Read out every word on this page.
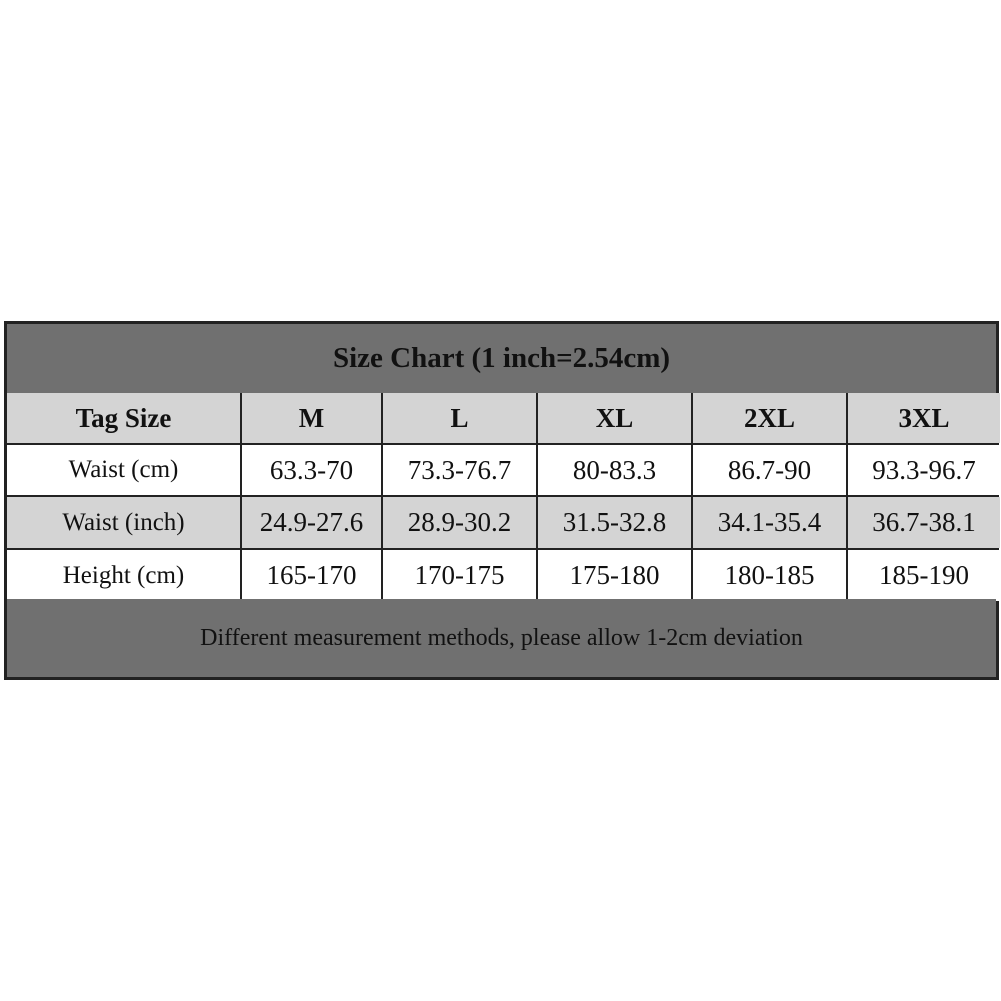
Size Chart (1 inch=2.54cm)
Tag Size	M	L	XL	2XL	3XL
Waist (cm)	63.3-70	73.3-76.7	80-83.3	86.7-90	93.3-96.7
Waist (inch)	24.9-27.6	28.9-30.2	31.5-32.8	34.1-35.4	36.7-38.1
Height (cm)	165-170	170-175	175-180	180-185	185-190
Different measurement methods, please allow 1-2cm deviation
